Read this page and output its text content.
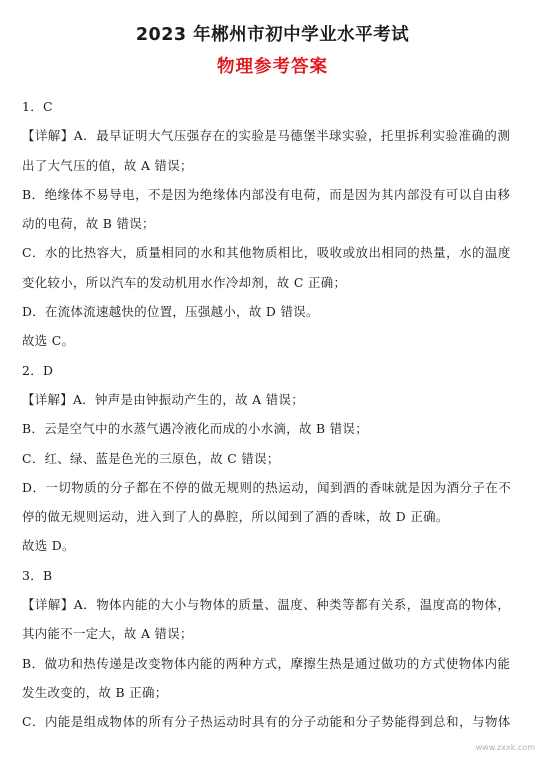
2023 年郴州市初中学业水平考试
物理参考答案
1．C
【详解】A．最早证明大气压强存在的实验是马德堡半球实验，托里拆利实验准确的测
出了大气压的值，故 A 错误；
B．绝缘体不易导电，不是因为绝缘体内部没有电荷，而是因为其内部没有可以自由移
动的电荷，故 B 错误；
C．水的比热容大，质量相同的水和其他物质相比，吸收或放出相同的热量，水的温度
变化较小，所以汽车的发动机用水作冷却剂，故 C 正确；
D．在流体流速越快的位置，压强越小，故 D 错误。
故选 C。
2．D
【详解】A．钟声是由钟振动产生的，故 A 错误；
B．云是空气中的水蒸气遇冷液化而成的小水滴，故 B 错误；
C．红、绿、蓝是色光的三原色，故 C 错误；
D．一切物质的分子都在不停的做无规则的热运动，闻到酒的香味就是因为酒分子在不
停的做无规则运动，进入到了人的鼻腔，所以闻到了酒的香味，故 D 正确。
故选 D。
3．B
【详解】A．物体内能的大小与物体的质量、温度、种类等都有关系，温度高的物体，
其内能不一定大，故 A 错误；
B．做功和热传递是改变物体内能的两种方式，摩擦生热是通过做功的方式使物体内能
发生改变的，故 B 正确；
C．内能是组成物体的所有分子热运动时具有的分子动能和分子势能得到总和，与物体
www.zxxk.com
